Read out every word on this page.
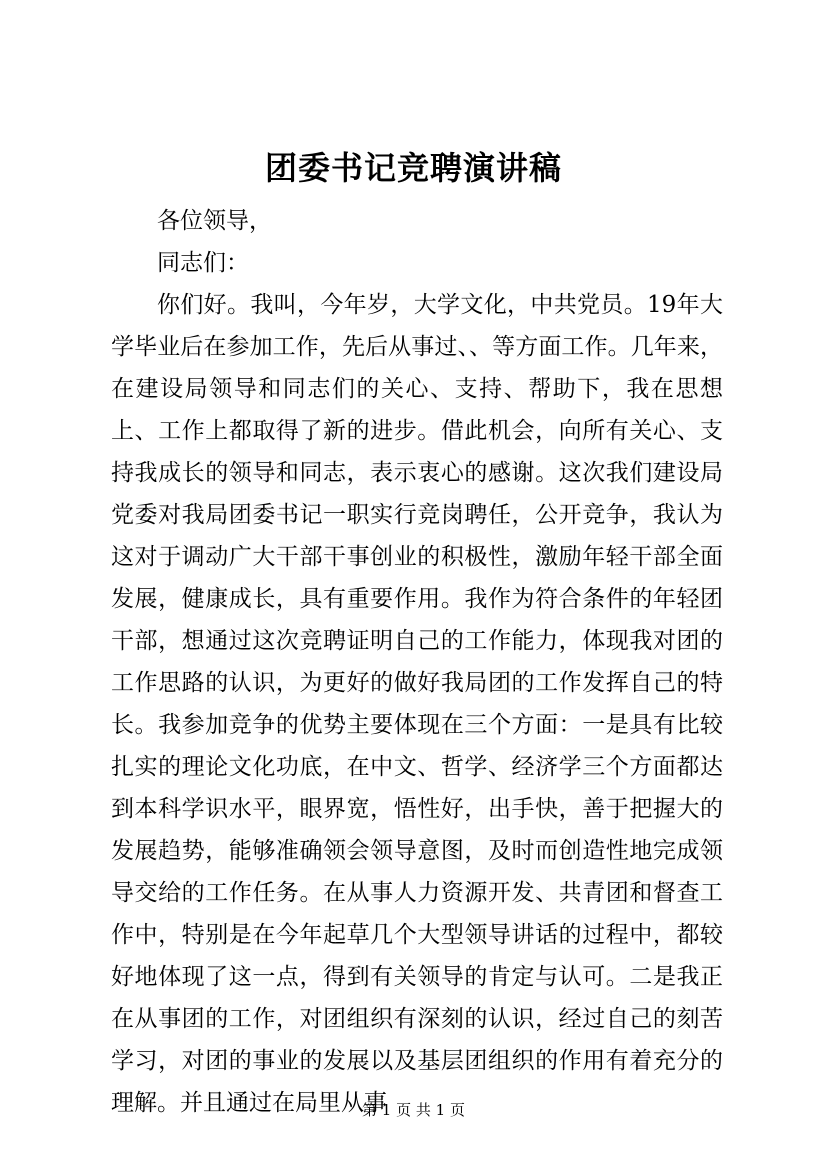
团委书记竞聘演讲稿

各位领导，

同志们：

你们好。我叫，今年岁，大学文化，中共党员。19年大学毕业后在参加工作，先后从事过、、等方面工作。几年来，在建设局领导和同志们的关心、支持、帮助下，我在思想上、工作上都取得了新的进步。借此机会，向所有关心、支持我成长的领导和同志，表示衷心的感谢。这次我们建设局党委对我局团委书记一职实行竞岗聘任，公开竞争，我认为这对于调动广大干部干事创业的积极性，激励年轻干部全面发展，健康成长，具有重要作用。我作为符合条件的年轻团干部，想通过这次竞聘证明自己的工作能力，体现我对团的工作思路的认识，为更好的做好我局团的工作发挥自己的特长。我参加竞争的优势主要体现在三个方面：一是具有比较扎实的理论文化功底，在中文、哲学、经济学三个方面都达到本科学识水平，眼界宽，悟性好，出手快，善于把握大的发展趋势，能够准确领会领导意图，及时而创造性地完成领导交给的工作任务。在从事人力资源开发、共青团和督查工作中，特别是在今年起草几个大型领导讲话的过程中，都较好地体现了这一点，得到有关领导的肯定与认可。二是我正在从事团的工作，对团组织有深刻的认识，经过自己的刻苦学习，对团的事业的发展以及基层团组织的作用有着充分的理解。并且通过在局里从事

第 1 页 共 1 页
